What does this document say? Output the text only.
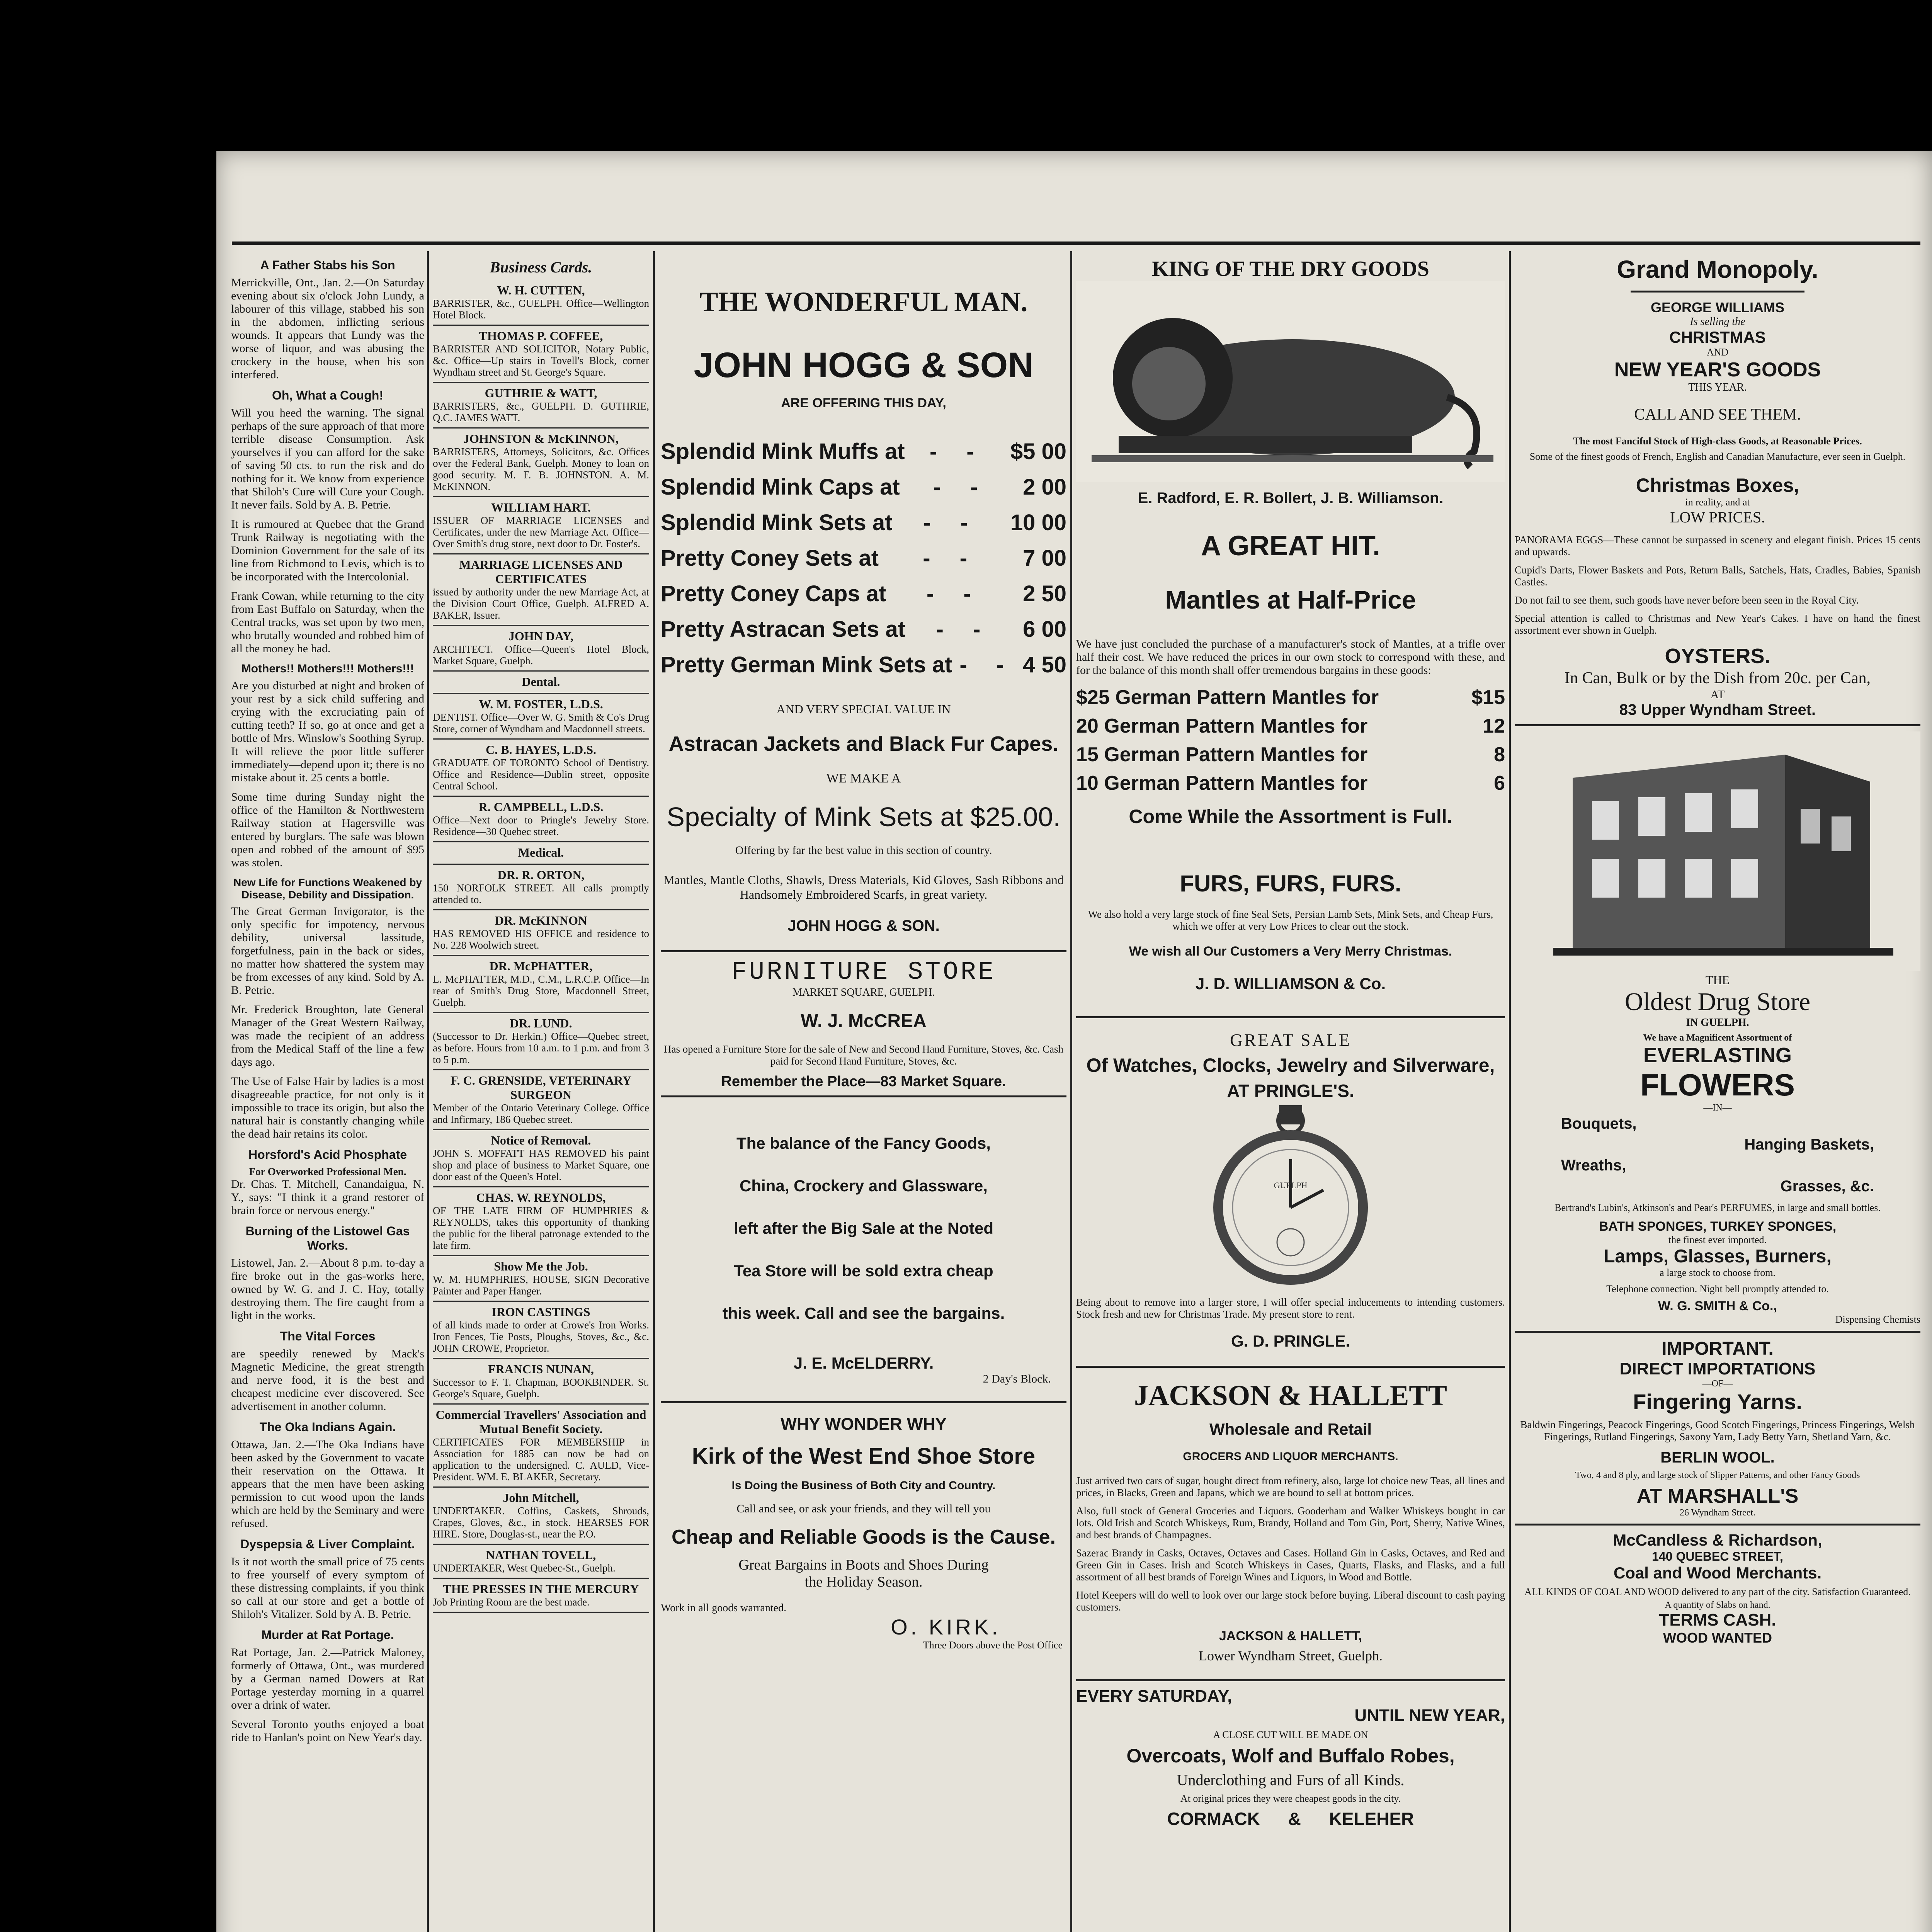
A Father Stabs his Son

Merrickville, Ont., Jan. 2.—On Saturday evening about six o'clock John Lundy, a labourer of this village, stabbed his son in the abdomen, inflicting serious wounds. It appears that Lundy was the worse of liquor, and was abusing the crockery in the house, when his son interfered.

Oh, What a Cough!

Will you heed the warning. The signal perhaps of the sure approach of that more terrible disease Consumption. Ask yourselves if you can afford for the sake of saving 50 cts. to run the risk and do nothing for it. We know from experience that Shiloh's Cure will Cure your Cough. It never fails. Sold by A. B. Petrie.

It is rumoured at Quebec that the Grand Trunk Railway is negotiating with the Dominion Government for the sale of its line from Richmond to Levis, which is to be incorporated with the Intercolonial.

Frank Cowan, while returning to the city from East Buffalo on Saturday, when the Central tracks, was set upon by two men, who brutally wounded and robbed him of all the money he had.

Mothers!! Mothers!!! Mothers!!!

Are you disturbed at night and broken of your rest by a sick child suffering and crying with the excruciating pain of cutting teeth? If so, go at once and get a bottle of Mrs. Winslow's Soothing Syrup. It will relieve the poor little sufferer immediately—depend upon it; there is no mistake about it. 25 cents a bottle.

Some time during Sunday night the office of the Hamilton & Northwestern Railway station at Hagersville was entered by burglars. The safe was blown open and robbed of the amount of $95 was stolen.

New Life for Functions Weakened by Disease, Debility and Dissipation.

The Great German Invigorator, is the only specific for impotency, nervous debility, universal lassitude, forgetfulness, pain in the back or sides, no matter how shattered the system may be from excesses of any kind. Sold by A. B. Petrie.

Mr. Frederick Broughton, late General Manager of the Great Western Railway, was made the recipient of an address from the Medical Staff of the line a few days ago.

The Use of False Hair by ladies is a most disagreeable practice, for not only is it impossible to trace its origin, but also the natural hair is constantly changing while the dead hair retains its color.

Horsford's Acid Phosphate
For Overworked Professional Men.

Dr. Chas. T. Mitchell, Canandaigua, N. Y., says: "I think it a grand restorer of brain force or nervous energy."

Burning of the Listowel Gas Works.

Listowel, Jan. 2.—About 8 p.m. to-day a fire broke out in the gas-works here, owned by W. G. and J. C. Hay, totally destroying them. The fire caught from a light in the works.

The Vital Forces

are speedily renewed by Mack's Magnetic Medicine, the great strength and nerve food, it is the best and cheapest medicine ever discovered. See advertisement in another column.

The Oka Indians Again.

Ottawa, Jan. 2.—The Oka Indians have been asked by the Government to vacate their reservation on the Ottawa. It appears that the men have been asking permission to cut wood upon the lands which are held by the Seminary and were refused.

Dyspepsia & Liver Complaint.

Is it not worth the small price of 75 cents to free yourself of every symptom of these distressing complaints, if you think so call at our store and get a bottle of Shiloh's Vitalizer. Sold by A. B. Petrie.

Murder at Rat Portage.

Rat Portage, Jan. 2.—Patrick Maloney, formerly of Ottawa, Ont., was murdered by a German named Dowers at Rat Portage yesterday morning in a quarrel over a drink of water.

Several Toronto youths enjoyed a boat ride to Hanlan's point on New Year's day.

Business Cards.
W. H. CUTTEN,
BARRISTER, &c., GUELPH. Office—Wellington Hotel Block.
THOMAS P. COFFEE,
BARRISTER AND SOLICITOR, Notary Public, &c. Office—Up stairs in Tovell's Block, corner Wyndham street and St. George's Square.
GUTHRIE & WATT,
BARRISTERS, &c., GUELPH. D. GUTHRIE, Q.C. JAMES WATT.
JOHNSTON & McKINNON,
BARRISTERS, Attorneys, Solicitors, &c. Offices over the Federal Bank, Guelph. Money to loan on good security. M. F. B. JOHNSTON. A. M. McKINNON.
WILLIAM HART.
ISSUER OF MARRIAGE LICENSES and Certificates, under the new Marriage Act. Office—Over Smith's drug store, next door to Dr. Foster's.
MARRIAGE LICENSES AND CERTIFICATES
issued by authority under the new Marriage Act, at the Division Court Office, Guelph. ALFRED A. BAKER, Issuer.
JOHN DAY,
ARCHITECT. Office—Queen's Hotel Block, Market Square, Guelph.
Dental.
W. M. FOSTER, L.D.S.
DENTIST. Office—Over W. G. Smith & Co's Drug Store, corner of Wyndham and Macdonnell streets.
C. B. HAYES, L.D.S.
GRADUATE OF TORONTO School of Dentistry. Office and Residence—Dublin street, opposite Central School.
R. CAMPBELL, L.D.S.
Office—Next door to Pringle's Jewelry Store. Residence—30 Quebec street.
Medical.
DR. R. ORTON,
150 NORFOLK STREET. All calls promptly attended to.
DR. McKINNON
HAS REMOVED HIS OFFICE and residence to No. 228 Woolwich street.
DR. McPHATTER,
L. McPHATTER, M.D., C.M., L.R.C.P. Office—In rear of Smith's Drug Store, Macdonnell Street, Guelph.
DR. LUND.
(Successor to Dr. Herkin.) Office—Quebec street, as before. Hours from 10 a.m. to 1 p.m. and from 3 to 5 p.m.
F. C. GRENSIDE, VETERINARY SURGEON
Member of the Ontario Veterinary College. Office and Infirmary, 186 Quebec street.
Notice of Removal.
JOHN S. MOFFATT HAS REMOVED his paint shop and place of business to Market Square, one door east of the Queen's Hotel.
CHAS. W. REYNOLDS,
OF THE LATE FIRM OF HUMPHRIES & REYNOLDS, takes this opportunity of thanking the public for the liberal patronage extended to the late firm.
Show Me the Job.
W. M. HUMPHRIES, HOUSE, SIGN Decorative Painter and Paper Hanger.
IRON CASTINGS
of all kinds made to order at Crowe's Iron Works. Iron Fences, Tie Posts, Ploughs, Stoves, &c., &c. JOHN CROWE, Proprietor.
FRANCIS NUNAN,
Successor to F. T. Chapman, BOOKBINDER. St. George's Square, Guelph.
Commercial Travellers' Association and Mutual Benefit Society.
CERTIFICATES FOR MEMBERSHIP in Association for 1885 can now be had on application to the undersigned. C. AULD, Vice-President. WM. E. BLAKER, Secretary.
John Mitchell,
UNDERTAKER. Coffins, Caskets, Shrouds, Crapes, Gloves, &c., in stock. HEARSES FOR HIRE. Store, Douglas-st., near the P.O.
NATHAN TOVELL,
UNDERTAKER, West Quebec-St., Guelph.
THE PRESSES IN THE MERCURY
Job Printing Room are the best made.
THE WONDERFUL MAN.
JOHN HOGG & SON
ARE OFFERING THIS DAY,
Splendid Mink Muffs at	- -	$5 00
Splendid Mink Caps at	- -	2 00
Splendid Mink Sets at	- -	10 00
Pretty Coney Sets at	- -	7 00
Pretty Coney Caps at	- -	2 50
Pretty Astracan Sets at	- -	6 00
Pretty German Mink Sets at - - 4 50
AND VERY SPECIAL VALUE IN
Astracan Jackets and Black Fur Capes.
WE MAKE A
Specialty of Mink Sets at $25.00.
Offering by far the best value in this section of country.
Mantles, Mantle Cloths, Shawls, Dress Materials, Kid Gloves, Sash Ribbons and Handsomely Embroidered Scarfs, in great variety.
JOHN HOGG & SON.
FURNITURE STORE
MARKET SQUARE, GUELPH.
W. J. McCREA

Has opened a Furniture Store for the sale of New and Second Hand Furniture, Stoves, &c. Cash paid for Second Hand Furniture, Stoves, &c.

Remember the Place—83 Market Square.
The balance of the Fancy Goods,
China, Crockery and Glassware,
left after the Big Sale at the Noted
Tea Store will be sold extra cheap
this week. Call and see the bargains.
J. E. McELDERRY.
2 Day's Block.
WHY WONDER WHY
Kirk of the West End Shoe Store
Is Doing the Business of Both City and Country.
Call and see, or ask your friends, and they will tell you
Cheap and Reliable Goods is the Cause.
Great Bargains in Boots and Shoes During the Holiday Season.
Work in all goods warranted.
O. KIRK.
Three Doors above the Post Office
KING OF THE DRY GOODS
E. Radford, E. R. Bollert, J. B. Williamson.
A GREAT HIT.
Mantles at Half-Price

We have just concluded the purchase of a manufacturer's stock of Mantles, at a trifle over half their cost. We have reduced the prices in our own stock to correspond with these, and for the balance of this month shall offer tremendous bargains in these goods:

$25 German Pattern Mantles for	$15
20 German Pattern Mantles for	12
15 German Pattern Mantles for	8
10 German Pattern Mantles for	6
Come While the Assortment is Full.
FURS, FURS, FURS.

We also hold a very large stock of fine Seal Sets, Persian Lamb Sets, Mink Sets, and Cheap Furs, which we offer at very Low Prices to clear out the stock.

We wish all Our Customers a Very Merry Christmas.
J. D. WILLIAMSON & Co.
GREAT SALE
Of Watches, Clocks, Jewelry and Silverware,
AT PRINGLE'S.
GUELPH

Being about to remove into a larger store, I will offer special inducements to intending customers. Stock fresh and new for Christmas Trade. My present store to rent.

G. D. PRINGLE.
JACKSON & HALLETT
Wholesale and Retail
GROCERS AND LIQUOR MERCHANTS.

Just arrived two cars of sugar, bought direct from refinery, also, large lot choice new Teas, all lines and prices, in Blacks, Green and Japans, which we are bound to sell at bottom prices.

Also, full stock of General Groceries and Liquors. Gooderham and Walker Whiskeys bought in car lots. Old Irish and Scotch Whiskeys, Rum, Brandy, Holland and Tom Gin, Port, Sherry, Native Wines, and best brands of Champagnes.

Sazerac Brandy in Casks, Octaves, Octaves and Cases. Holland Gin in Casks, Octaves, and Red and Green Gin in Cases. Irish and Scotch Whiskeys in Cases, Quarts, Flasks, and Flasks, and a full assortment of all best brands of Foreign Wines and Liquors, in Wood and Bottle.

Hotel Keepers will do well to look over our large stock before buying. Liberal discount to cash paying customers.

JACKSON & HALLETT,
Lower Wyndham Street, Guelph.
EVERY SATURDAY,
UNTIL NEW YEAR,
A CLOSE CUT WILL BE MADE ON
Overcoats, Wolf and Buffalo Robes,
Underclothing and Furs of all Kinds.
At original prices they were cheapest goods in the city.
CORMACK & KELEHER

Grand Monopoly.
GEORGE WILLIAMS
Is selling the
CHRISTMAS
AND
NEW YEAR'S GOODS
THIS YEAR.
CALL AND SEE THEM.
The most Fanciful Stock of High-class Goods, at Reasonable Prices.
Some of the finest goods of French, English and Canadian Manufacture, ever seen in Guelph.
Christmas Boxes,
in reality, and at
LOW PRICES.

PANORAMA EGGS—These cannot be surpassed in scenery and elegant finish. Prices 15 cents and upwards.

Cupid's Darts, Flower Baskets and Pots, Return Balls, Satchels, Hats, Cradles, Babies, Spanish Castles.

Do not fail to see them, such goods have never before been seen in the Royal City.

Special attention is called to Christmas and New Year's Cakes. I have on hand the finest assortment ever shown in Guelph.

OYSTERS.
In Can, Bulk or by the Dish from 20c. per Can,
AT
83 Upper Wyndham Street.
THE
Oldest Drug Store
IN GUELPH.
We have a Magnificent Assortment of
EVERLASTING
FLOWERS
—IN—
Bouquets,
Hanging Baskets,
Wreaths,
Grasses, &c.
Bertrand's Lubin's, Atkinson's and Pear's PERFUMES, in large and small bottles.
BATH SPONGES, TURKEY SPONGES,
the finest ever imported.
Lamps, Glasses, Burners,
a large stock to choose from.
Telephone connection. Night bell promptly attended to.
W. G. SMITH & Co.,
Dispensing Chemists
IMPORTANT.
DIRECT IMPORTATIONS
—OF—
Fingering Yarns.

Baldwin Fingerings, Peacock Fingerings, Good Scotch Fingerings, Princess Fingerings, Welsh Fingerings, Rutland Fingerings, Saxony Yarn, Lady Betty Yarn, Shetland Yarn, &c.

BERLIN WOOL.
Two, 4 and 8 ply, and large stock of Slipper Patterns, and other Fancy Goods
AT MARSHALL'S
26 Wyndham Street.
McCandless & Richardson,
140 QUEBEC STREET,
Coal and Wood Merchants.
ALL KINDS OF COAL AND WOOD delivered to any part of the city. Satisfaction Guaranteed.
A quantity of Slabs on hand.
TERMS CASH.
WOOD WANTED
